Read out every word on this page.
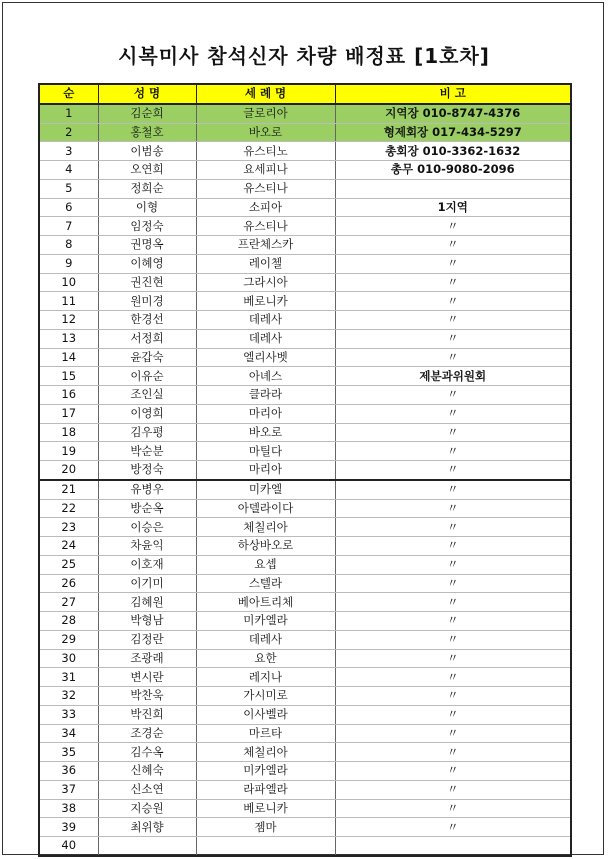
시복미사 참석신자 차량 배정표 [1호차]
순	성 명	세 례 명	비 고
1	김순희	글로리아	지역장 010-8747-4376
2	홍철호	바오로	형제회장 017-434-5297
3	이범송	유스티노	총회장 010-3362-1632
4	오연희	요세피나	총무 010-9080-2096
5	정희순	유스티나	
6	이형	소피아	1지역
7	임정숙	유스티나	〃
8	권명옥	프란체스카	〃
9	이혜영	레이첼	〃
10	권진현	그라시아	〃
11	원미경	베로니카	〃
12	한경선	데레사	〃
13	서정희	데레사	〃
14	윤갑숙	엘리사벳	〃
15	이유순	아녜스	제분과위원회
16	조인실	클라라	〃
17	이영희	마리아	〃
18	김우평	바오로	〃
19	박순분	마틸다	〃
20	방정숙	마리아	〃
21	유병우	미카엘	〃
22	방순옥	아델라이다	〃
23	이승은	체칠리아	〃
24	차윤익	하상바오로	〃
25	이호재	요셉	〃
26	이기미	스텔라	〃
27	김혜원	베아트리체	〃
28	박형남	미카엘라	〃
29	김정란	데레사	〃
30	조광래	요한	〃
31	변시란	레지나	〃
32	박찬욱	가시미로	〃
33	박진희	이사벨라	〃
34	조경순	마르타	〃
35	김수옥	체칠리아	〃
36	신혜숙	미카엘라	〃
37	신소연	라파엘라	〃
38	지승원	베로니카	〃
39	최위향	젬마	〃
40			
